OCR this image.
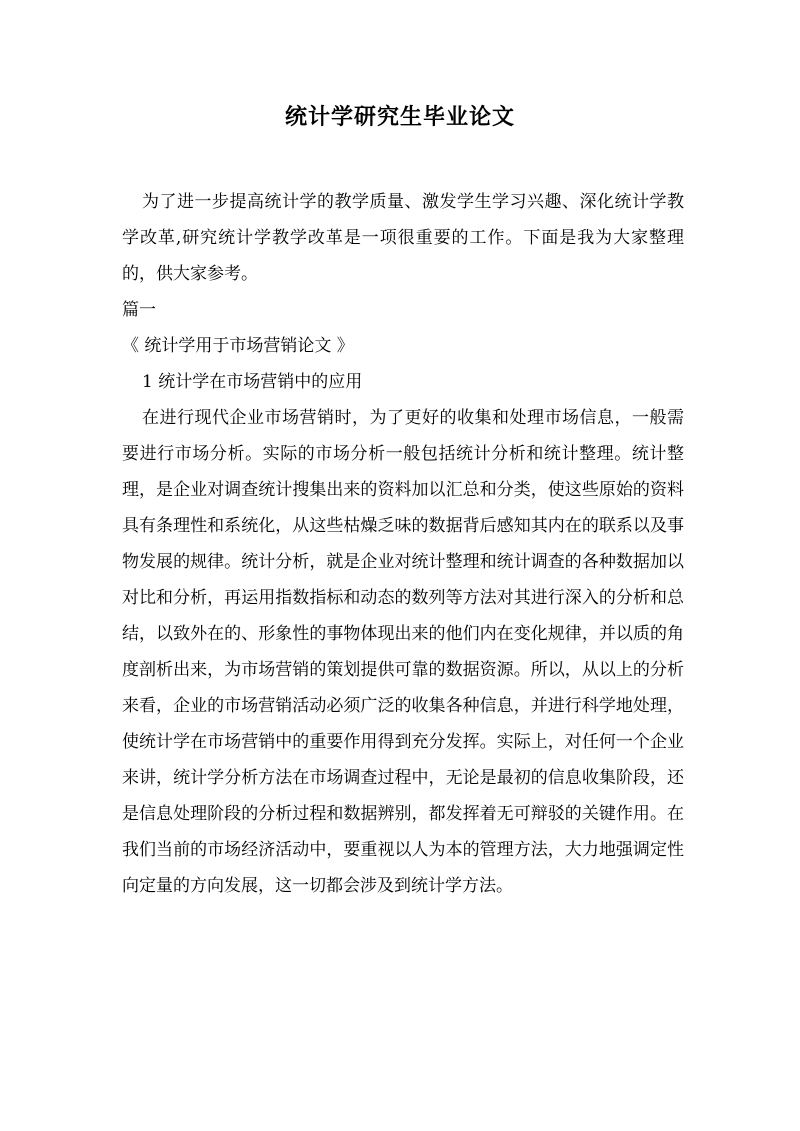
统计学研究生毕业论文

为了进一步提高统计学的教学质量、激发学生学习兴趣、深化统计学教学改革,研究统计学教学改革是一项很重要的工作。下面是我为大家整理的，供大家参考。

篇一

《 统计学用于市场营销论文 》

1 统计学在市场营销中的应用

在进行现代企业市场营销时，为了更好的收集和处理市场信息，一般需要进行市场分析。实际的市场分析一般包括统计分析和统计整理。统计整理，是企业对调查统计搜集出来的资料加以汇总和分类，使这些原始的资料具有条理性和系统化，从这些枯燥乏味的数据背后感知其内在的联系以及事物发展的规律。统计分析，就是企业对统计整理和统计调查的各种数据加以对比和分析，再运用指数指标和动态的数列等方法对其进行深入的分析和总结，以致外在的、形象性的事物体现出来的他们内在变化规律，并以质的角度剖析出来，为市场营销的策划提供可靠的数据资源。所以，从以上的分析来看，企业的市场营销活动必须广泛的收集各种信息，并进行科学地处理，使统计学在市场营销中的重要作用得到充分发挥。实际上，对任何一个企业来讲，统计学分析方法在市场调查过程中，无论是最初的信息收集阶段，还是信息处理阶段的分析过程和数据辨别，都发挥着无可辩驳的关键作用。在我们当前的市场经济活动中，要重视以人为本的管理方法，大力地强调定性向定量的方向发展，这一切都会涉及到统计学方法。
